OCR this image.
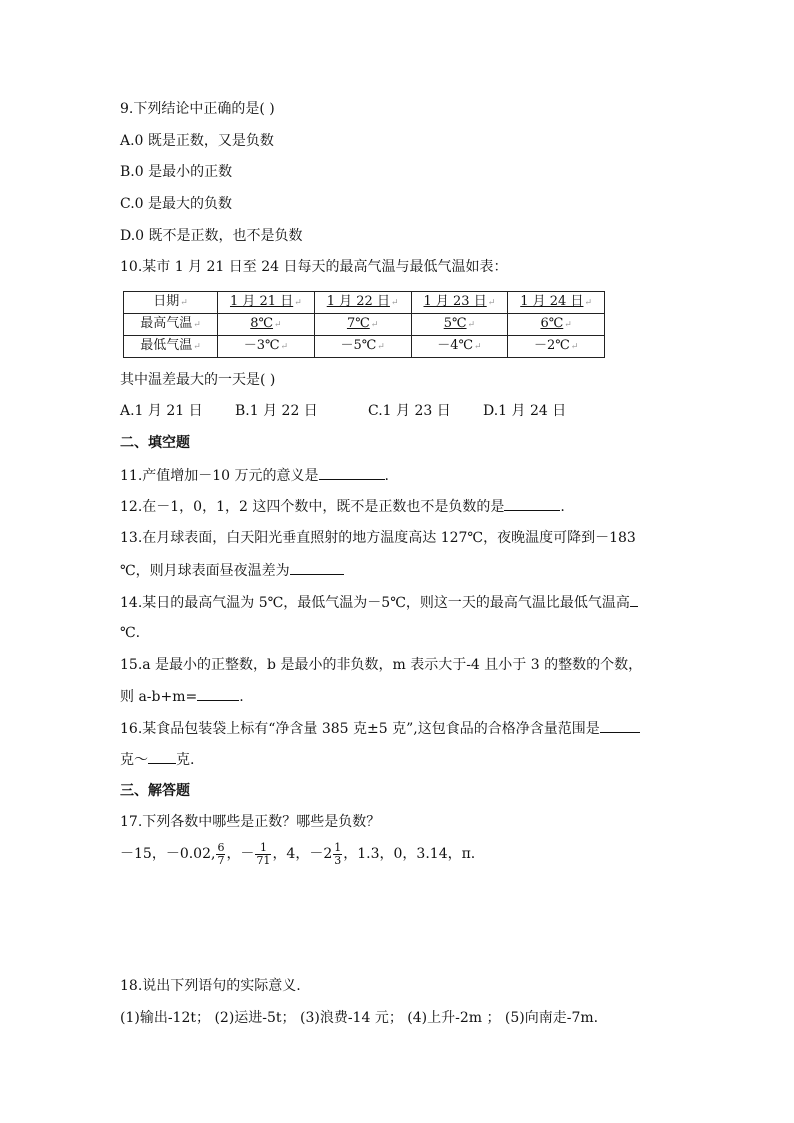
9.下列结论中正确的是( )
A.0 既是正数，又是负数
B.0 是最小的正数
C.0 是最大的负数
D.0 既不是正数，也不是负数
10.某市 1 月 21 日至 24 日每天的最高气温与最低气温如表：
日期↵	1 月 21 日↵	1 月 22 日↵	1 月 23 日↵	1 月 24 日↵
最高气温↵	8℃↵	7℃↵	5℃↵	6℃↵
最低气温↵	－3℃↵	－5℃↵	－4℃↵	－2℃↵
其中温差最大的一天是( )
A.1 月 21 日 B.1 月 22 日	C.1 月 23 日 D.1 月 24 日
二、填空题
11.产值增加－10 万元的意义是	.
12.在－1，0，1，2 这四个数中，既不是正数也不是负数的是	.
13.在月球表面，白天阳光垂直照射的地方温度高达 127℃，夜晚温度可降到－183
℃，则月球表面昼夜温差为
14.某日的最高气温为 5℃，最低气温为－5℃，则这一天的最高气温比最低气温高
℃.
15.a 是最小的正整数，b 是最小的非负数，m 表示大于-4 且小于 3 的整数的个数，
则 a-b+m=	.
16.某食品包装袋上标有“净含量 385 克±5 克”,这包食品的合格净含量范围是
克～ 克.
三、解答题
17.下列各数中哪些是正数？哪些是负数？
－15，－0.02, $\frac{6}{7}$ ，－ $\frac{1}{71}$ ，4，$-2 \frac{1}{3}$ ，1.3，0，3.14，π.
18.说出下列语句的实际意义.
(1)输出-12t； (2)运进-5t； (3)浪费-14 元； (4)上升-2m ； (5)向南走-7m.
